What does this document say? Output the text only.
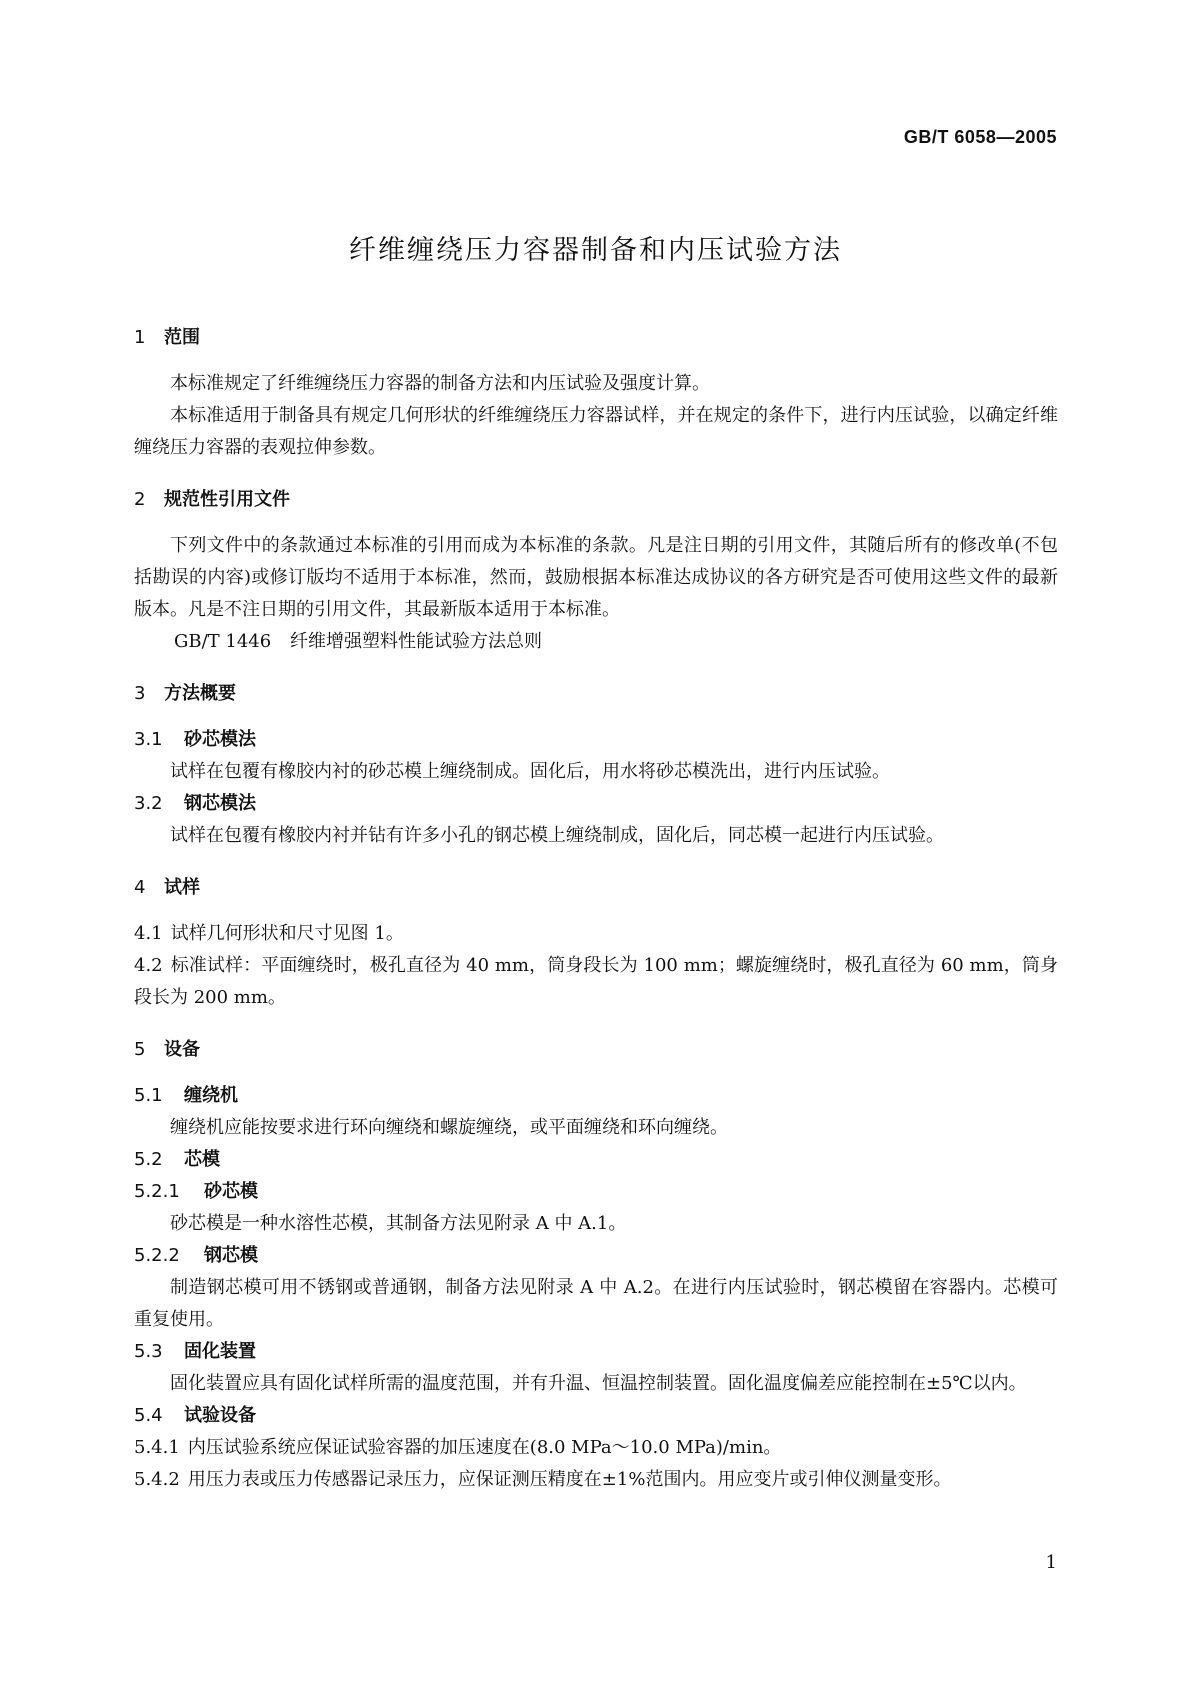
GB/T 6058—2005
纤维缠绕压力容器制备和内压试验方法
1 范围
本标准规定了纤维缠绕压力容器的制备方法和内压试验及强度计算。
本标准适用于制备具有规定几何形状的纤维缠绕压力容器试样，并在规定的条件下，进行内压试验，以确定纤维缠绕压力容器的表观拉伸参数。
2 规范性引用文件
下列文件中的条款通过本标准的引用而成为本标准的条款。凡是注日期的引用文件，其随后所有的修改单(不包括勘误的内容)或修订版均不适用于本标准，然而，鼓励根据本标准达成协议的各方研究是否可使用这些文件的最新版本。凡是不注日期的引用文件，其最新版本适用于本标准。
GB/T 1446 纤维增强塑料性能试验方法总则
3 方法概要
3.1 砂芯模法
试样在包覆有橡胶内衬的砂芯模上缠绕制成。固化后，用水将砂芯模洗出，进行内压试验。
3.2 钢芯模法
试样在包覆有橡胶内衬并钻有许多小孔的钢芯模上缠绕制成，固化后，同芯模一起进行内压试验。
4 试样
4.1 试样几何形状和尺寸见图 1。
4.2 标准试样：平面缠绕时，极孔直径为 40 mm，筒身段长为 100 mm；螺旋缠绕时，极孔直径为 60 mm，筒身段长为 200 mm。
5 设备
5.1 缠绕机
缠绕机应能按要求进行环向缠绕和螺旋缠绕，或平面缠绕和环向缠绕。
5.2 芯模
5.2.1 砂芯模
砂芯模是一种水溶性芯模，其制备方法见附录 A 中 A.1。
5.2.2 钢芯模
制造钢芯模可用不锈钢或普通钢，制备方法见附录 A 中 A.2。在进行内压试验时，钢芯模留在容器内。芯模可重复使用。
5.3 固化装置
固化装置应具有固化试样所需的温度范围，并有升温、恒温控制装置。固化温度偏差应能控制在±5℃以内。
5.4 试验设备
5.4.1 内压试验系统应保证试验容器的加压速度在(8.0 MPa～10.0 MPa)/min。
5.4.2 用压力表或压力传感器记录压力，应保证测压精度在±1%范围内。用应变片或引伸仪测量变形。
1
